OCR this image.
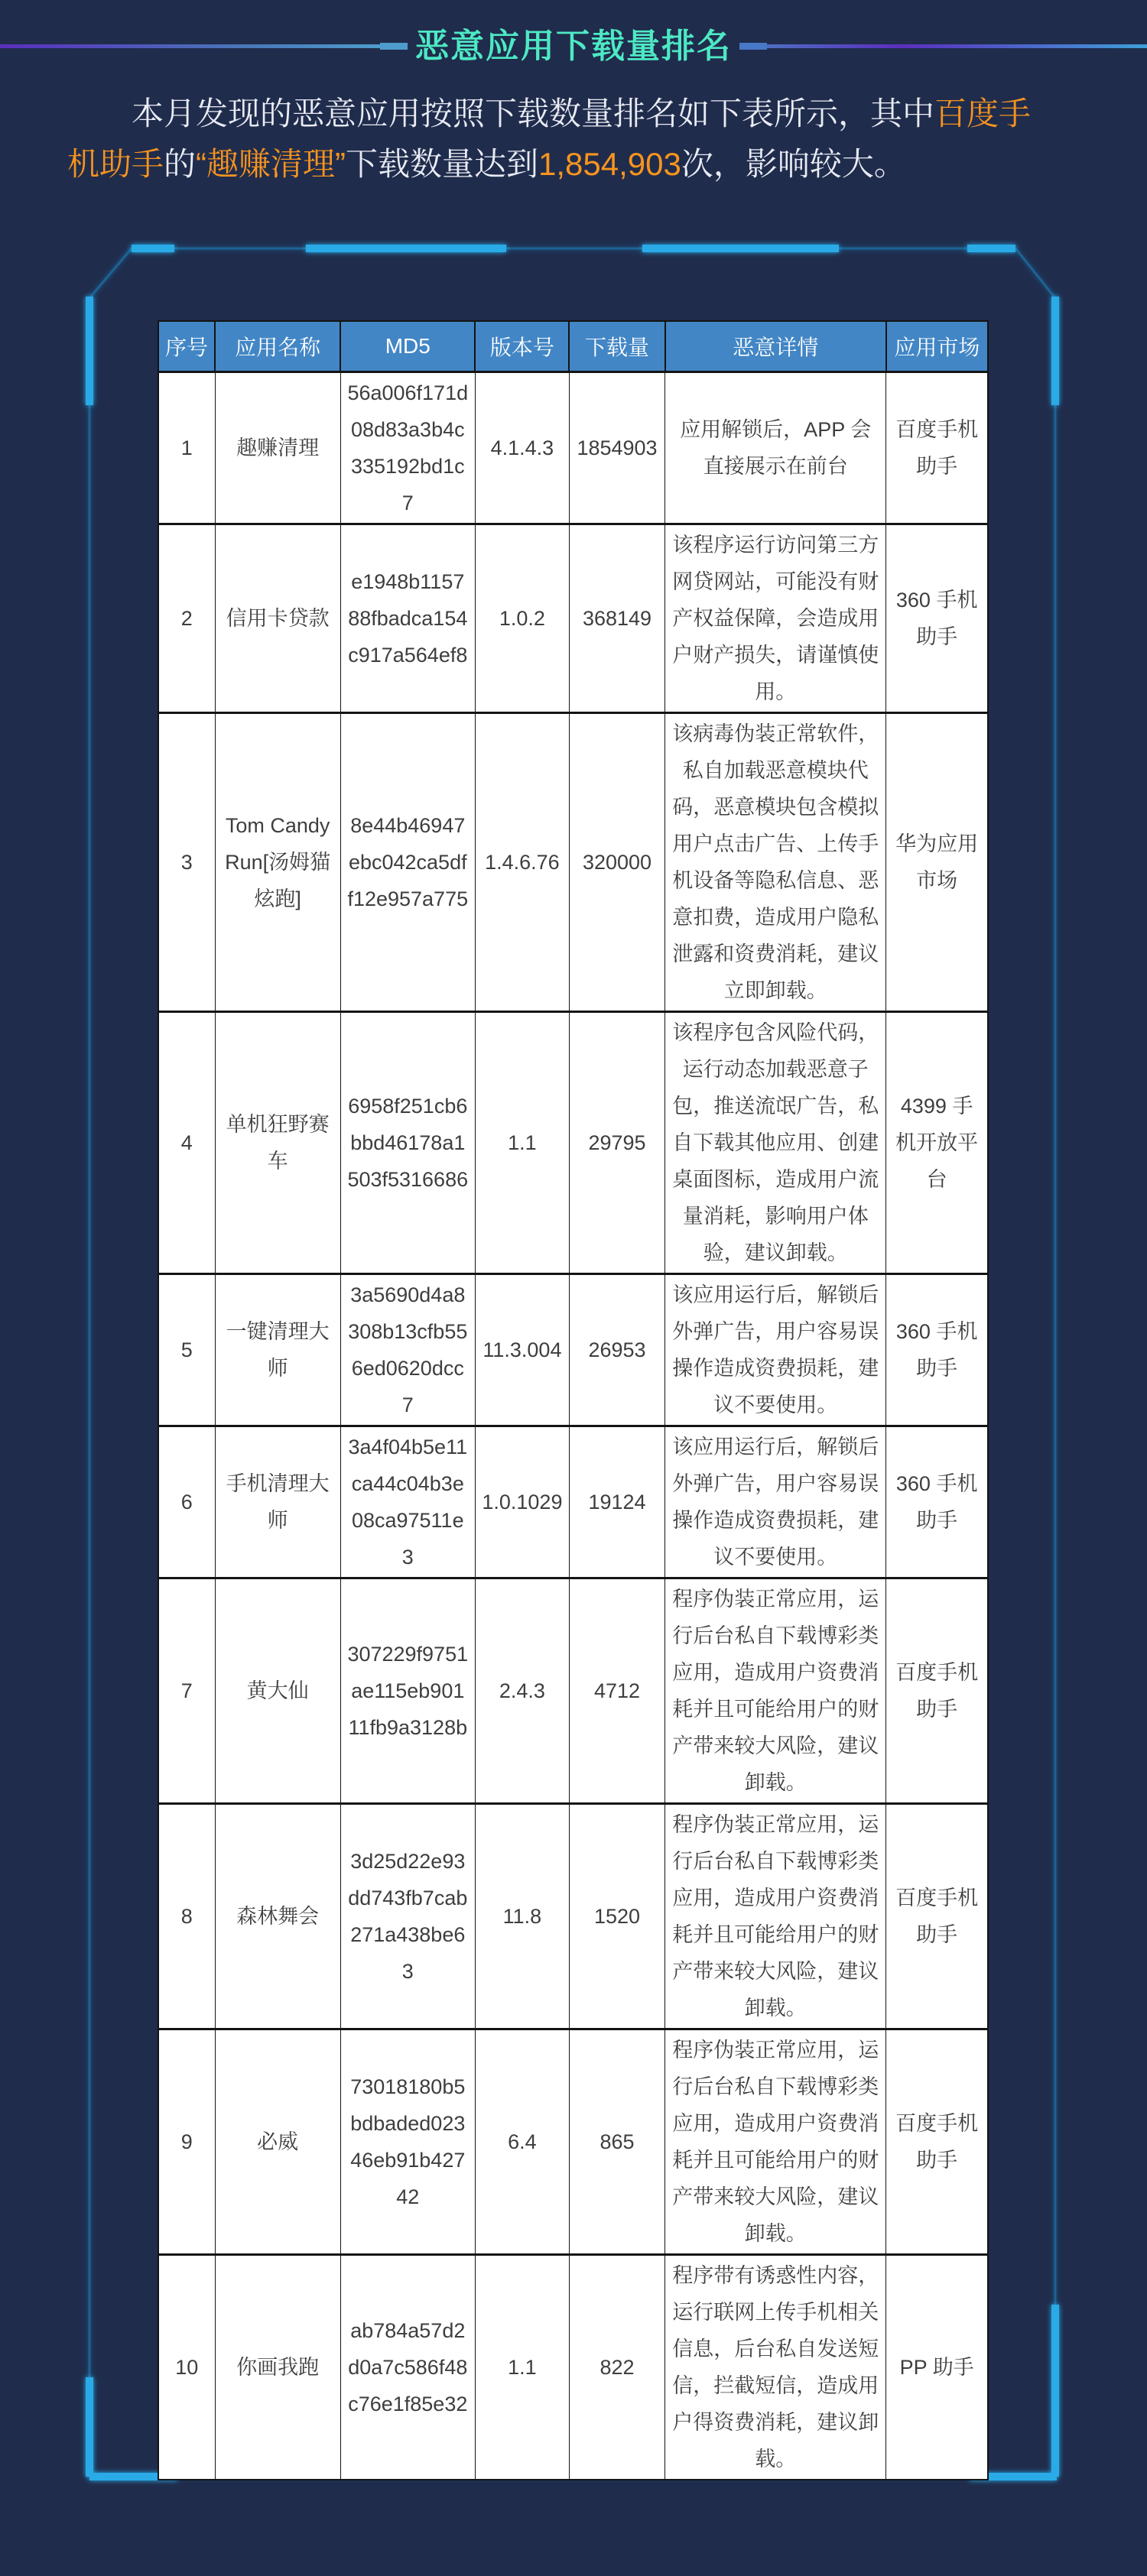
恶意应用下载量排名
本月发现的恶意应用按照下载数量排名如下表所示，其中百度手
机助手的“趣赚清理”下载数量达到1,854,903次，影响较大。
序号	应用名称	MD5	版本号	下载量	恶意详情	应用市场
1	趣赚清理	56a006f171d08d83a3b4c335192bd1c7	4.1.4.3	1854903	应用解锁后，APP 会直接展示在前台	百度手机助手
2	信用卡贷款	e1948b115788fbadca154c917a564ef8	1.0.2	368149	该程序运行访问第三方网贷网站，可能没有财产权益保障，会造成用户财产损失，请谨慎使用。	360 手机助手
3	Tom Candy Run[汤姆猫炫跑]	8e44b46947ebc042ca5dff12e957a775	1.4.6.76	320000	该病毒伪装正常软件，私自加载恶意模块代码，恶意模块包含模拟用户点击广告、上传手机设备等隐私信息、恶意扣费，造成用户隐私泄露和资费消耗，建议立即卸载。	华为应用市场
4	单机狂野赛车	6958f251cb6bbd46178a1503f5316686	1.1	29795	该程序包含风险代码，运行动态加载恶意子包，推送流氓广告，私自下载其他应用、创建桌面图标，造成用户流量消耗，影响用户体验，建议卸载。	4399 手机开放平台
5	一键清理大师	3a5690d4a8308b13cfb556ed0620dcc7	11.3.004	26953	该应用运行后，解锁后外弹广告，用户容易误操作造成资费损耗，建议不要使用。	360 手机助手
6	手机清理大师	3a4f04b5e11ca44c04b3e08ca97511e3	1.0.1029	19124	该应用运行后，解锁后外弹广告，用户容易误操作造成资费损耗，建议不要使用。	360 手机助手
7	黄大仙	307229f9751ae115eb90111fb9a3128b	2.4.3	4712	程序伪装正常应用，运行后台私自下载博彩类应用，造成用户资费消耗并且可能给用户的财产带来较大风险，建议卸载。	百度手机助手
8	森林舞会	3d25d22e93dd743fb7cab271a438be63	11.8	1520	程序伪装正常应用，运行后台私自下载博彩类应用，造成用户资费消耗并且可能给用户的财产带来较大风险，建议卸载。	百度手机助手
9	必威	73018180b5bdbaded02346eb91b42742	6.4	865	程序伪装正常应用，运行后台私自下载博彩类应用，造成用户资费消耗并且可能给用户的财产带来较大风险，建议卸载。	百度手机助手
10	你画我跑	ab784a57d2d0a7c586f48c76e1f85e32	1.1	822	程序带有诱惑性内容，运行联网上传手机相关信息，后台私自发送短信，拦截短信，造成用户得资费消耗，建议卸载。	PP 助手
